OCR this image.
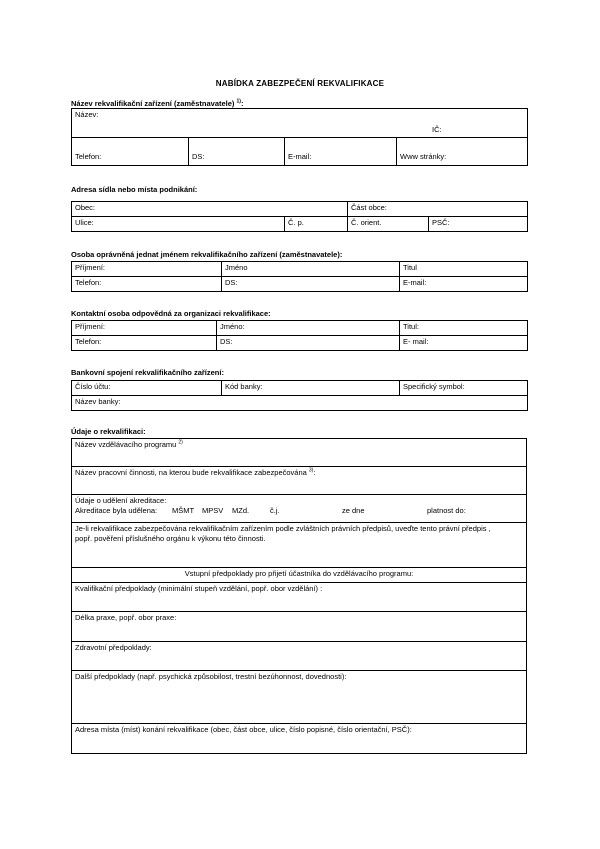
NABÍDKA ZABEZPEČENÍ REKVALIFIKACE
Název rekvalifikační zařízení (zaměstnavatele) $^{1)}$:
Název:
IČ:

Telefon:	DS:	E-mail:	Www stránky:
Adresa sídla nebo místa podnikání:
Obec:		Část obce:	
Ulice:	Č. p.	Č. orient.	PSČ:
Osoba oprávněná jednat jménem rekvalifikačního zařízení (zaměstnavatele):
Příjmení:	Jméno	Titul
Telefon:	DS:	E-mail:
Kontaktní osoba odpovědná za organizaci rekvalifikace:
Příjmení:	Jméno:	Titul:
Telefon:	DS:	E- mail:
Bankovní spojení rekvalifikačního zařízení:
Číslo účtu:	Kód banky:	Specifický symbol:
Název banky:
Údaje o rekvalifikaci:
Název vzdělávacího programu $^{2)}$
Název pracovní činnosti, na kterou bude rekvalifikace zabezpečována $^{3)}$:

Údaje o udělení akreditace:
Akreditace byla udělena: MŠMT MPSV MZd.	č.j.	ze dne	platnost do:

Je-li rekvalifikace zabezpečována rekvalifikačním zařízením podle zvláštních právních předpisů, uveďte tento právní předpis ,
popř. pověření příslušného orgánu k výkonu této činnosti.

Vstupní předpoklady pro přijetí účastníka do vzdělávacího programu:
Kvalifikační předpoklady (minimální stupeň vzdělání, popř. obor vzdělání) :
Délka praxe, popř. obor praxe:
Zdravotní předpoklady:
Další předpoklady (např. psychická způsobilost, trestní bezúhonnost, dovednosti):
Adresa místa (míst) konání rekvalifikace (obec, část obce, ulice, číslo popisné, číslo orientační, PSČ):
